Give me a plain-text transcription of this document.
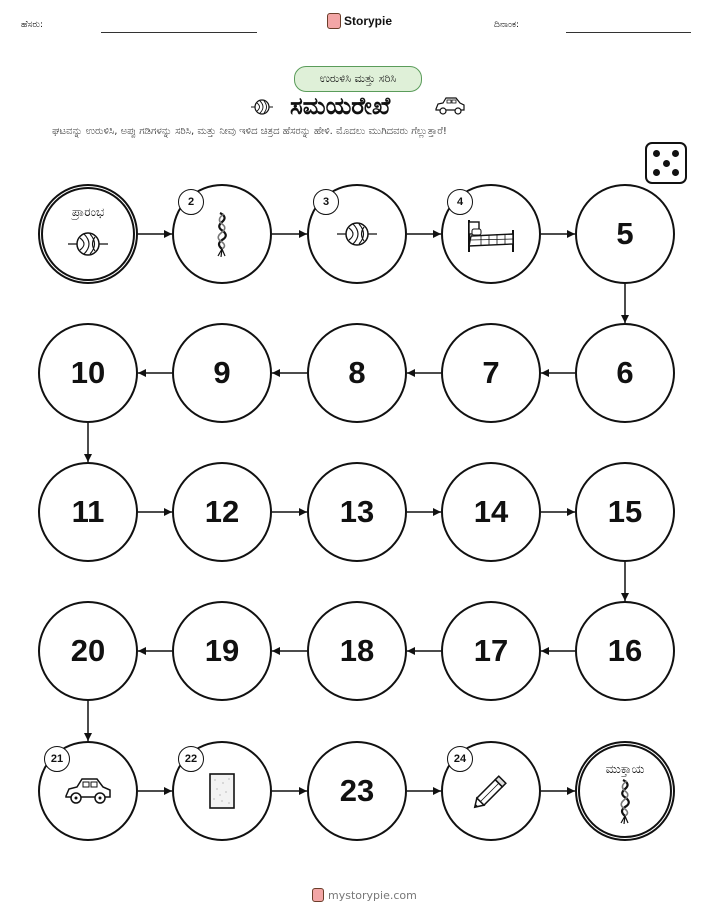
ಹೆಸರು:	Storypie	ದಿನಾಂಕ:
ಉರುಳಿಸಿ ಮತ್ತು ಸರಿಸಿ
ಸಮಯರೇಖೆ
ಘಟವನ್ನು ಉರುಳಿಸಿ, ಅಪ್ಪು ಗಡಿಗಳನ್ನು ಸರಿಸಿ, ಮತ್ತು ನೀವು ಇಳಿದ ಚಿತ್ರದ ಹೆಸರನ್ನು ಹೇಳಿ. ಮೊದಲು ಮುಗಿದವರು ಗೆಲ್ಲುತ್ತಾರೆ!
ಪ್ರಾರಂಭ
2	3	4
5
6
7
8
9
10
11	12	13	14	15
16
17
18
19
20
21	22
23
24
ಮುಕ್ತಾಯ
mystorypie.com
